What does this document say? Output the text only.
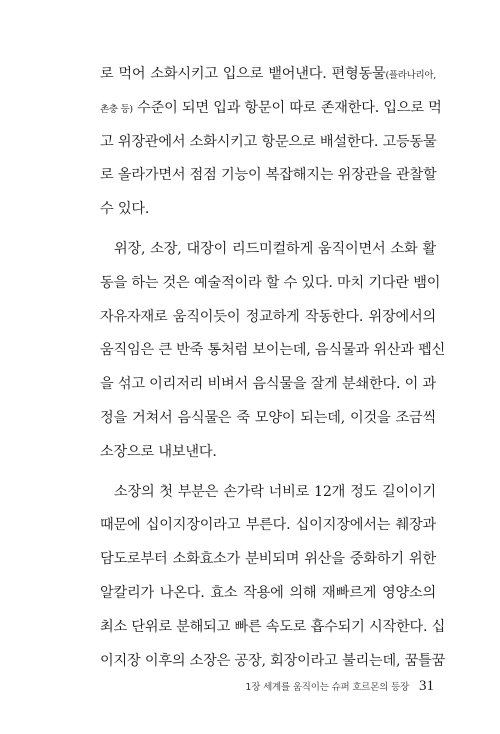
로 먹어 소화시키고 입으로 뱉어낸다. 편형동물(플라나리아,
촌충 등) 수준이 되면 입과 항문이 따로 존재한다. 입으로 먹
고 위장관에서 소화시키고 항문으로 배설한다. 고등동물
로 올라가면서 점점 기능이 복잡해지는 위장관을 관찰할
수 있다.
위장, 소장, 대장이 리드미컬하게 움직이면서 소화 활
동을 하는 것은 예술적이라 할 수 있다. 마치 기다란 뱀이
자유자재로 움직이듯이 정교하게 작동한다. 위장에서의
움직임은 큰 반죽 통처럼 보이는데, 음식물과 위산과 펩신
을 섞고 이리저리 비벼서 음식물을 잘게 분쇄한다. 이 과
정을 거쳐서 음식물은 죽 모양이 되는데, 이것을 조금씩
소장으로 내보낸다.
소장의 첫 부분은 손가락 너비로 12개 정도 길이이기
때문에 십이지장이라고 부른다. 십이지장에서는 췌장과
담도로부터 소화효소가 분비되며 위산을 중화하기 위한
알칼리가 나온다. 효소 작용에 의해 재빠르게 영양소의
최소 단위로 분해되고 빠른 속도로 흡수되기 시작한다. 십
이지장 이후의 소장은 공장, 회장이라고 불리는데, 꿈틀꿈
1장 세계를 움직이는 슈퍼 호르몬의 등장 31
